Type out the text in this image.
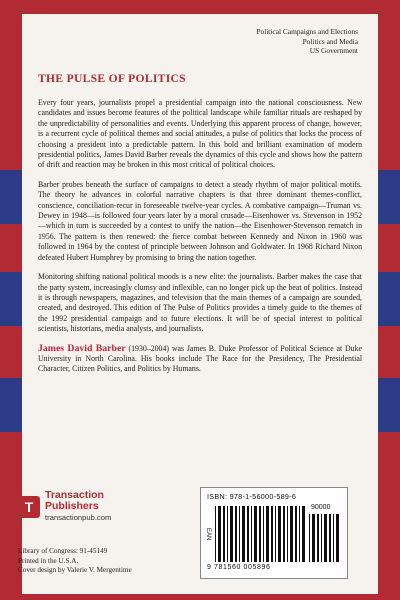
Political Campaigns and Elections
Politics and Media
US Government
THE PULSE OF POLITICS

Every four years, journalists propel a presidential campaign into the national consciousness. New candidates and issues become features of the political landscape while familiar rituals are reshaped by the unpredictability of personalities and events. Underlying this apparent process of change, however, is a recurrent cycle of political themes and social attitudes, a pulse of politics that locks the process of choosing a president into a predictable pattern. In this bold and brilliant examination of modern presidential politics, James David Barber reveals the dynamics of this cycle and shows how the pattern of drift and reaction may be broken in this most critical of political choices.

Barber probes beneath the surface of campaigns to detect a steady rhythm of major political motifs. The theory he advances in colorful narrative chapters is that three dominant themes-conflict, conscience, conciliation-recur in foreseeable twelve-year cycles. A combative campaign—Truman vs. Dewey in 1948—is followed four years later by a moral crusade—Eisenhower vs. Stevenson in 1952—which in turn is succeeded by a contest to unify the nation—the Eisenhower-Stevenson rematch in 1956. The pattern is then renewed: the fierce combat between Kennedy and Nixon in 1960 was followed in 1964 by the contest of principle between Johnson and Goldwater. In 1968 Richard Nixon defeated Hubert Humphrey by promising to bring the nation together.

Monitoring shifting national political moods is a new elite: the journalists. Barber makes the case that the party system, increasingly clumsy and inflexible, can no longer pick up the beat of politics. Instead it is through newspapers, magazines, and television that the main themes of a campaign are sounded, created, and destroyed. This edition of The Pulse of Politics provides a timely guide to the themes of the 1992 presidential campaign and to future elections. It will be of special interest to political scientists, historians, media analysts, and journalists.

James David Barber (1930–2004) was James B. Duke Professor of Political Science at Duke University in North Carolina. His books include The Race for the Presidency, The Presidential Character, Citizen Politics, and Politics by Humans.

T
Transaction
Publishers
transactionpub.com
Library of Congress: 91-45149
Printed in the U.S.A.
Cover design by Valerie V. Mergentime
ISBN: 978-1-56000-589-6
EAN
90000
9 781560 005896
